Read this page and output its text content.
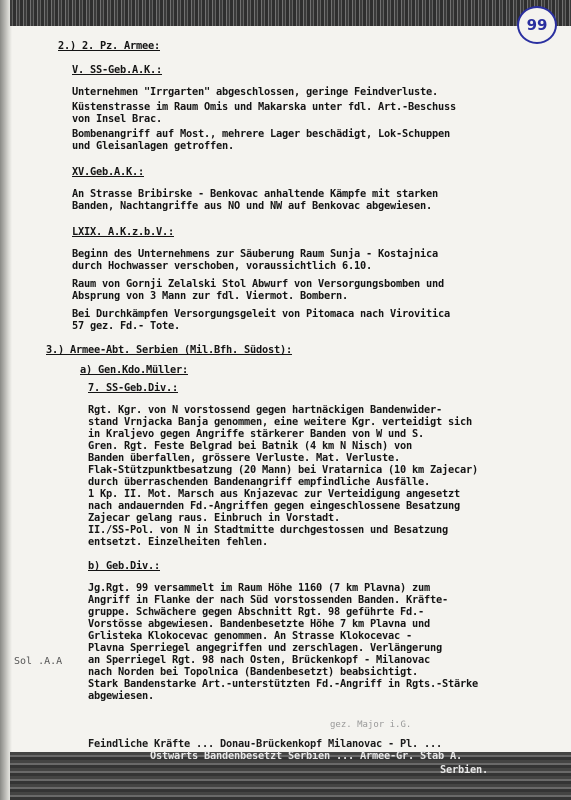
99
2.) 2. Pz. Armee:
V. SS-Geb.A.K.:
Unternehmen "Irrgarten" abgeschlossen, geringe Feindverluste.
Küstenstrasse im Raum Omis und Makarska unter fdl. Art.-Beschuss
von Insel Brac.
Bombenangriff auf Most., mehrere Lager beschädigt, Lok-Schuppen
und Gleisanlagen getroffen.
XV.Geb.A.K.:
An Strasse Bribirske - Benkovac anhaltende Kämpfe mit starken
Banden, Nachtangriffe aus NO und NW auf Benkovac abgewiesen.
LXIX. A.K.z.b.V.:
Beginn des Unternehmens zur Säuberung Raum Sunja - Kostajnica
durch Hochwasser verschoben, voraussichtlich 6.10.
Raum von Gornji Zelalski Stol Abwurf von Versorgungsbomben und
Absprung von 3 Mann zur fdl. Viermot. Bombern.
Bei Durchkämpfen Versorgungsgeleit von Pitomaca nach Virovitica
57 gez. Fd.- Tote.
3.) Armee-Abt. Serbien (Mil.Bfh. Südost):
a) Gen.Kdo.Müller:
7. SS-Geb.Div.:
Rgt. Kgr. von N vorstossend gegen hartnäckigen Bandenwider-
stand Vrnjacka Banja genommen, eine weitere Kgr. verteidigt sich
in Kraljevo gegen Angriffe stärkerer Banden von W und S.
Gren. Rgt. Feste Belgrad bei Batnik (4 km N Nisch) von
Banden überfallen, grössere Verluste. Mat. Verluste.
Flak-Stützpunktbesatzung (20 Mann) bei Vratarnica (10 km Zajecar)
durch überraschenden Bandenangriff empfindliche Ausfälle.
1 Kp. II. Mot. Marsch aus Knjazevac zur Verteidigung angesetzt
nach andauernden Fd.-Angriffen gegen eingeschlossene Besatzung
Zajecar gelang raus. Einbruch in Vorstadt.
II./SS-Pol. von N in Stadtmitte durchgestossen und Besatzung
entsetzt. Einzelheiten fehlen.
b) Geb.Div.:
Jg.Rgt. 99 versammelt im Raum Höhe 1160 (7 km Plavna) zum
Angriff in Flanke der nach Süd vorstossenden Banden. Kräfte-
gruppe. Schwächere gegen Abschnitt Rgt. 98 geführte Fd.-
Vorstösse abgewiesen. Bandenbesetzte Höhe 7 km Plavna und
Grlisteka Klokocevac genommen. An Strasse Klokocevac -
Plavna Sperriegel angegriffen und zerschlagen. Verlängerung
an Sperriegel Rgt. 98 nach Osten, Brückenkopf - Milanovac
nach Norden bei Topolnica (Bandenbesetzt) beabsichtigt.
Stark Bandenstarke Art.-unterstützten Fd.-Angriff in Rgts.-Stärke
abgewiesen.
Sol .A.A
gez. Major i.G.
Feindliche Kräfte ... Donau-Brückenkopf Milanovac - Pl. ...
Ostwärts Bandenbesetzt Serbien ... Armee-Gr. Stab A.
Serbien.
